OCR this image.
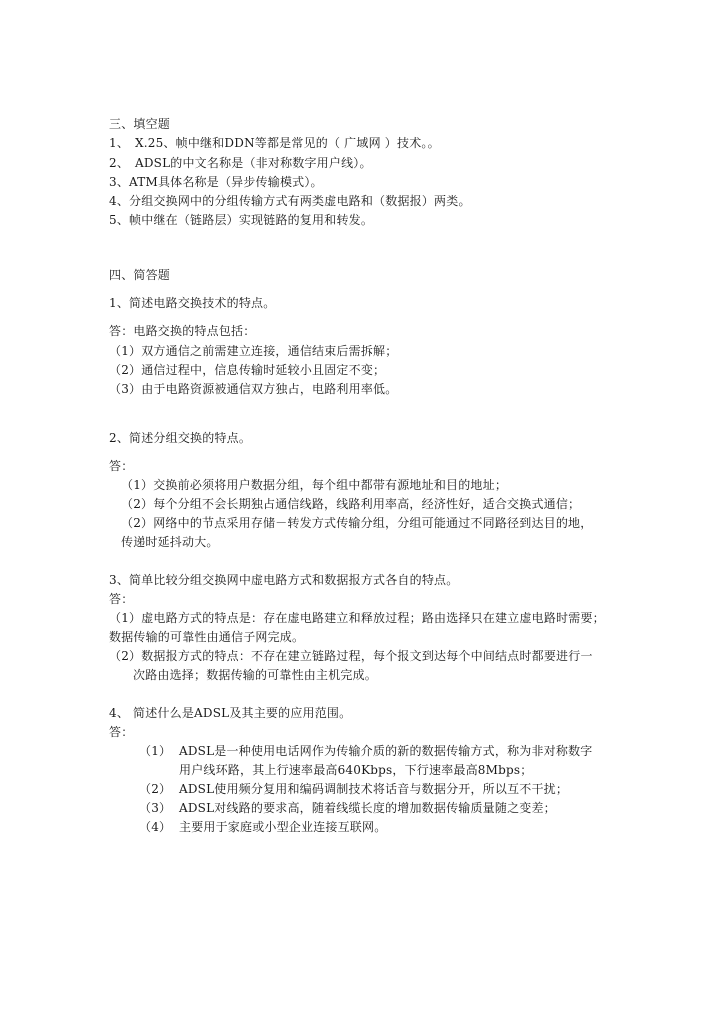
三、填空题
1、 X.25、帧中继和DDN等都是常见的（ 广域网 ）技术。。
2、 ADSL的中文名称是（非对称数字用户线）。
3、ATM具体名称是（异步传输模式）。
4、分组交换网中的分组传输方式有两类虚电路和（数据报）两类。
5、帧中继在（链路层）实现链路的复用和转发。
四、简答题
1、简述电路交换技术的特点。
答：电路交换的特点包括：
（1）双方通信之前需建立连接，通信结束后需拆解；
（2）通信过程中，信息传输时延较小且固定不变；
（3）由于电路资源被通信双方独占，电路利用率低。
2、简述分组交换的特点。
答：
（1）交换前必须将用户数据分组，每个组中都带有源地址和目的地址；
（2）每个分组不会长期独占通信线路，线路利用率高，经济性好，适合交换式通信；
（2）网络中的节点采用存储－转发方式传输分组，分组可能通过不同路径到达目的地，
传递时延抖动大。
3、简单比较分组交换网中虚电路方式和数据报方式各自的特点。
答：
（1）虚电路方式的特点是：存在虚电路建立和释放过程；路由选择只在建立虚电路时需要；
数据传输的可靠性由通信子网完成。
（2）数据报方式的特点：不存在建立链路过程，每个报文到达每个中间结点时都要进行一
次路由选择；数据传输的可靠性由主机完成。
4、 简述什么是ADSL及其主要的应用范围。
答：
（1） ADSL是一种使用电话网作为传输介质的新的数据传输方式，称为非对称数字
用户线环路，其上行速率最高640Kbps，下行速率最高8Mbps；
（2） ADSL使用频分复用和编码调制技术将话音与数据分开，所以互不干扰；
（3） ADSL对线路的要求高，随着线缆长度的增加数据传输质量随之变差；
（4） 主要用于家庭或小型企业连接互联网。
